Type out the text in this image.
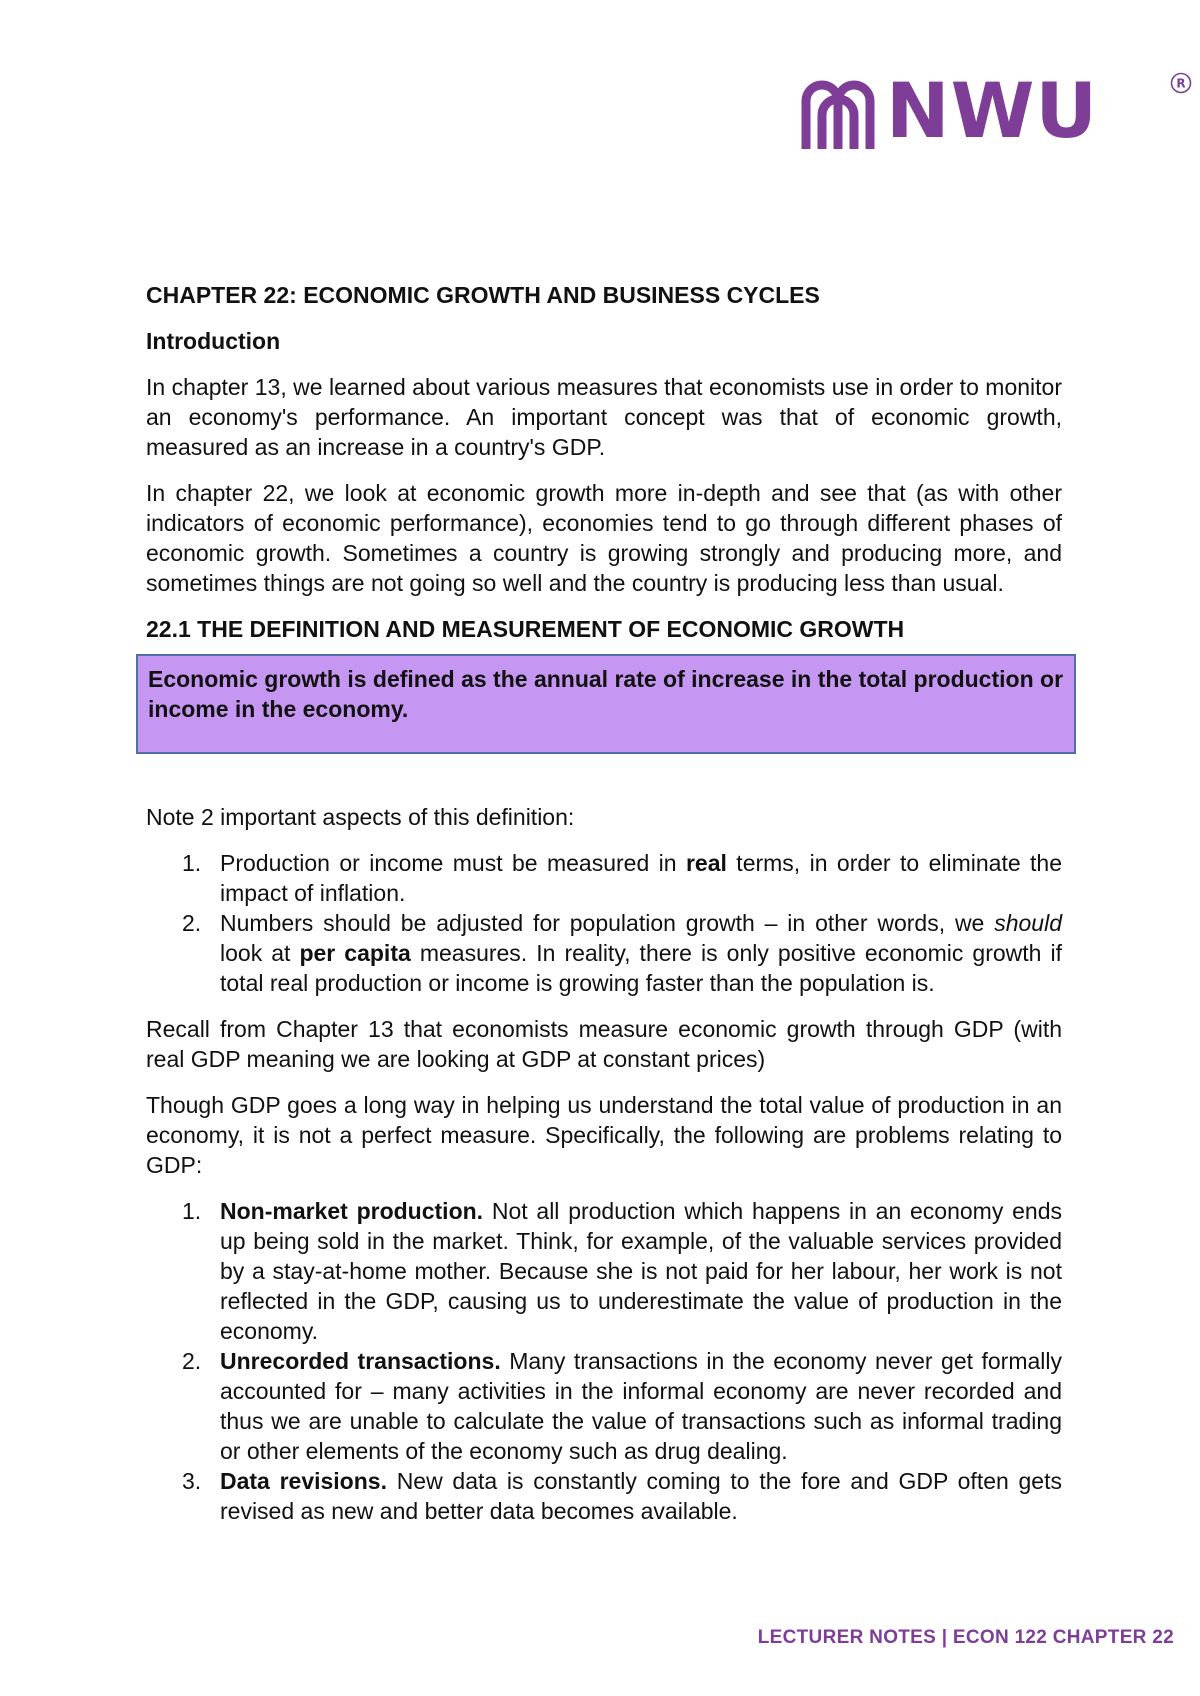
NWU	R

CHAPTER 22: ECONOMIC GROWTH AND BUSINESS CYCLES

Introduction

In chapter 13, we learned about various measures that economists use in order to monitor an economy's performance. An important concept was that of economic growth, measured as an increase in a country's GDP.

In chapter 22, we look at economic growth more in-depth and see that (as with other indicators of economic performance), economies tend to go through different phases of economic growth. Sometimes a country is growing strongly and producing more, and sometimes things are not going so well and the country is producing less than usual.

22.1 THE DEFINITION AND MEASUREMENT OF ECONOMIC GROWTH

Economic growth is defined as the annual rate of increase in the total production or income in the economy.

Note 2 important aspects of this definition:

1. Production or income must be measured in real terms, in order to eliminate the impact of inflation.
2. Numbers should be adjusted for population growth – in other words, we should look at per capita measures. In reality, there is only positive economic growth if total real production or income is growing faster than the population is.

Recall from Chapter 13 that economists measure economic growth through GDP (with real GDP meaning we are looking at GDP at constant prices)

Though GDP goes a long way in helping us understand the total value of production in an economy, it is not a perfect measure. Specifically, the following are problems relating to GDP:

1. Non-market production. Not all production which happens in an economy ends up being sold in the market. Think, for example, of the valuable services provided by a stay-at-home mother. Because she is not paid for her labour, her work is not reflected in the GDP, causing us to underestimate the value of production in the economy.
2. Unrecorded transactions. Many transactions in the economy never get formally accounted for – many activities in the informal economy are never recorded and thus we are unable to calculate the value of transactions such as informal trading or other elements of the economy such as drug dealing.
3. Data revisions. New data is constantly coming to the fore and GDP often gets revised as new and better data becomes available.
LECTURER NOTES | ECON 122 CHAPTER 22
